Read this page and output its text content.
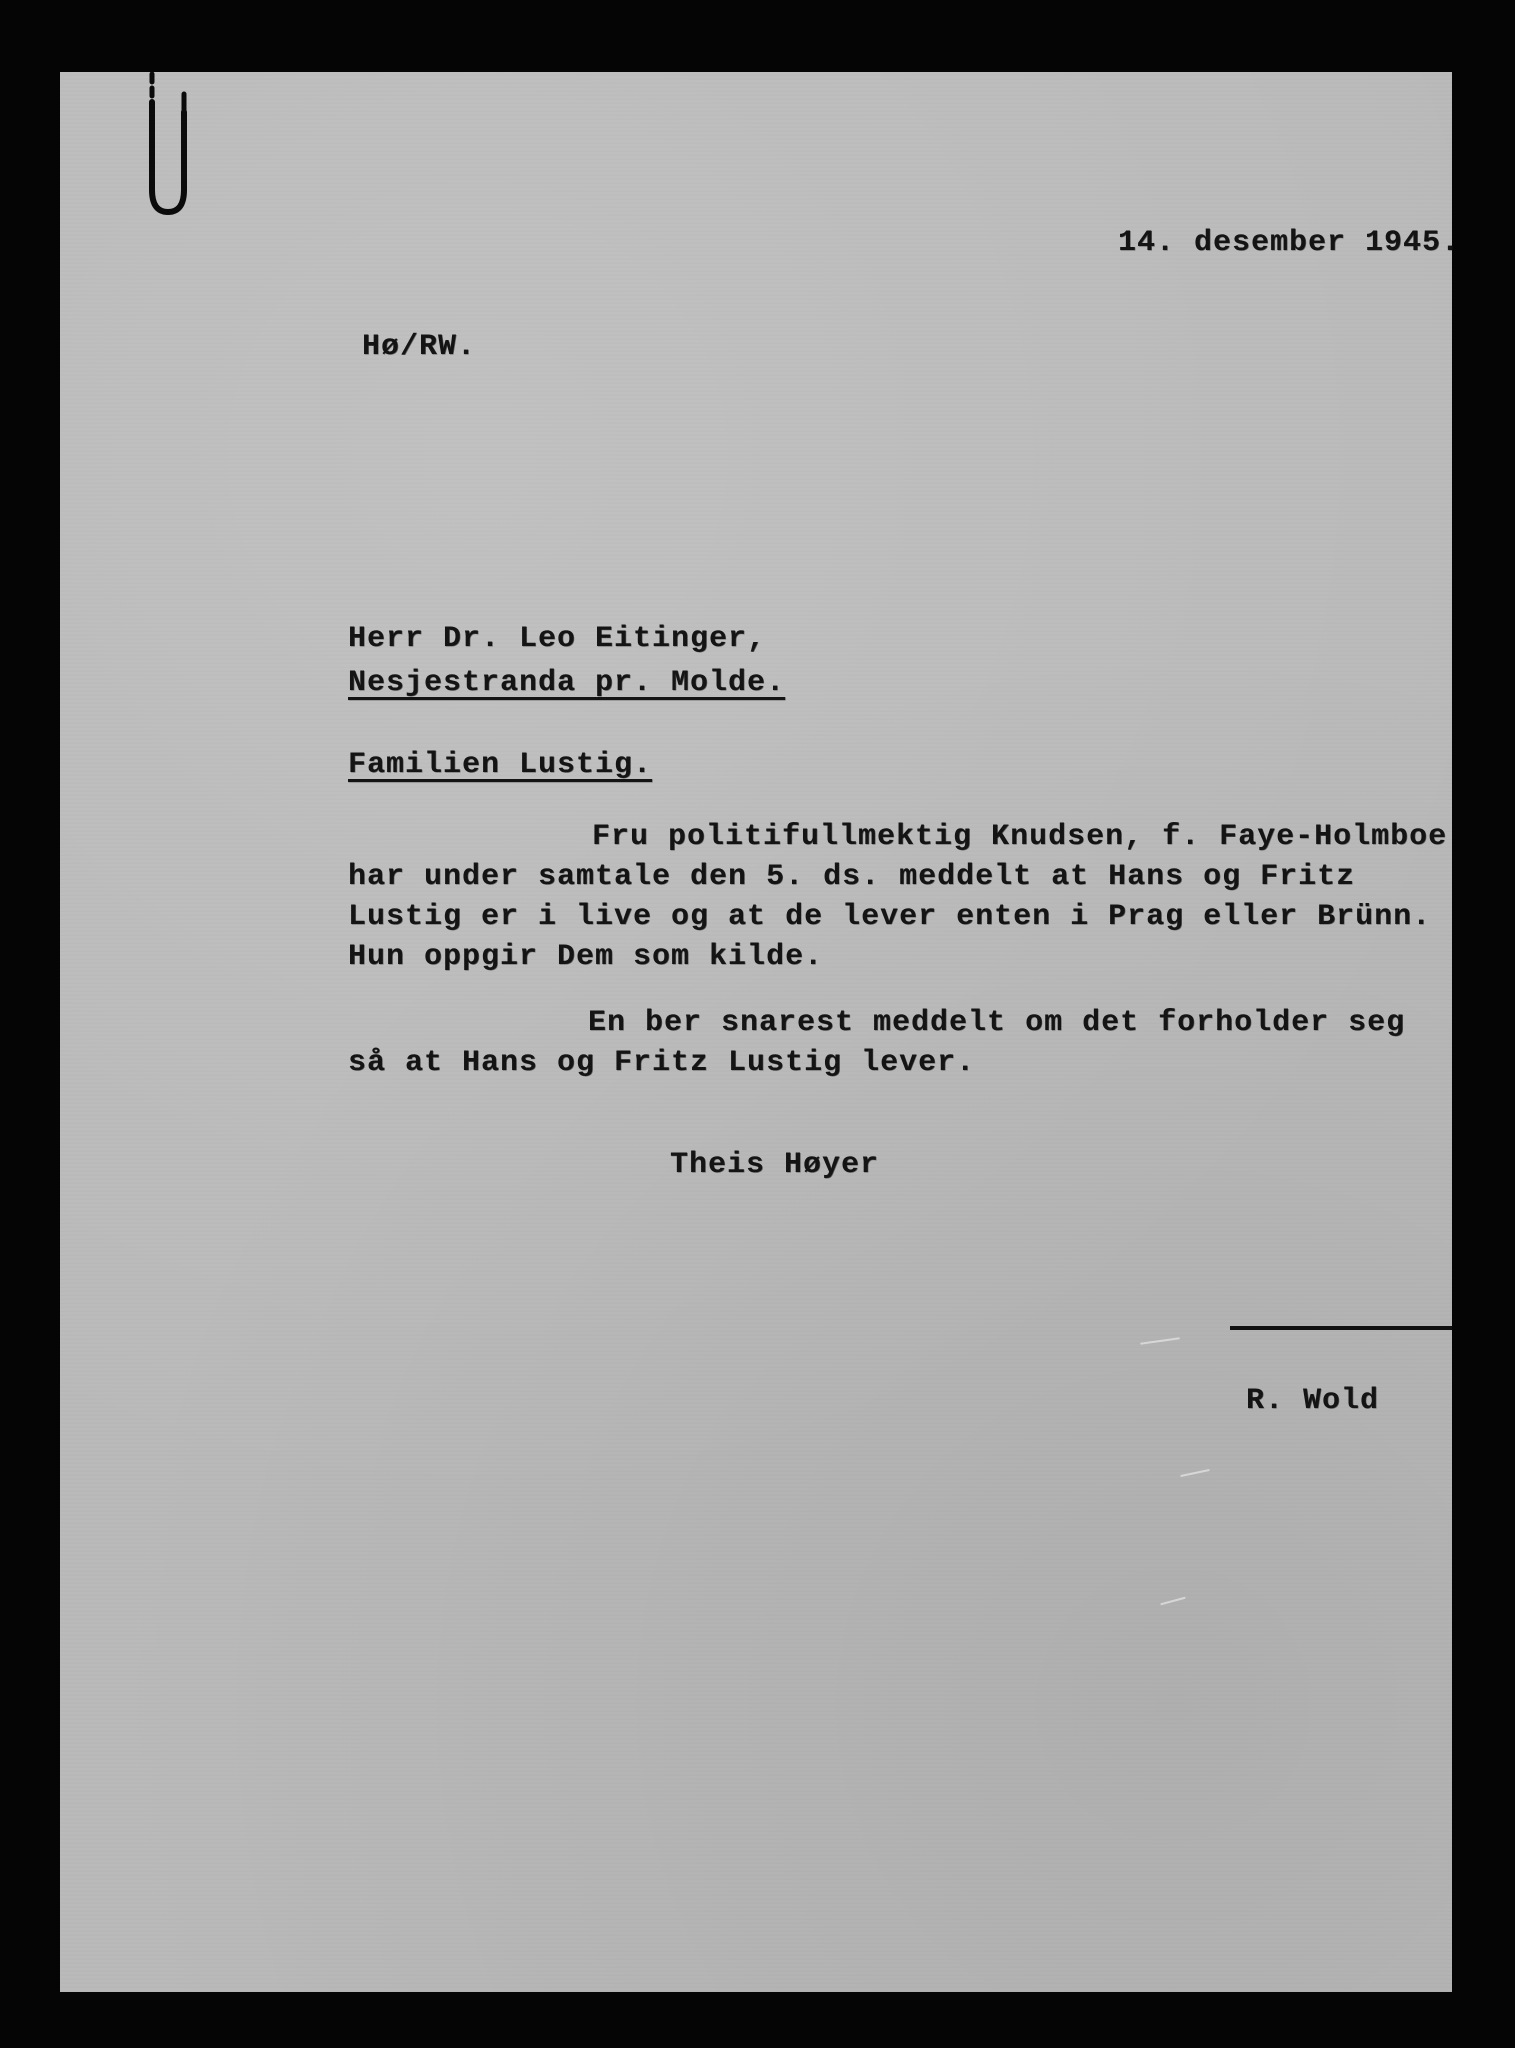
14. desember 1945.
Hø/RW.
Herr Dr. Leo Eitinger,
Nesjestranda pr. Molde.
Familien Lustig.
Fru politifullmektig Knudsen, f. Faye-Holmboe
har under samtale den 5. ds. meddelt at Hans og Fritz
Lustig er i live og at de lever enten i Prag eller Brünn.
Hun oppgir Dem som kilde.
En ber snarest meddelt om det forholder seg
så at Hans og Fritz Lustig lever.
Theis Høyer
R. Wold
